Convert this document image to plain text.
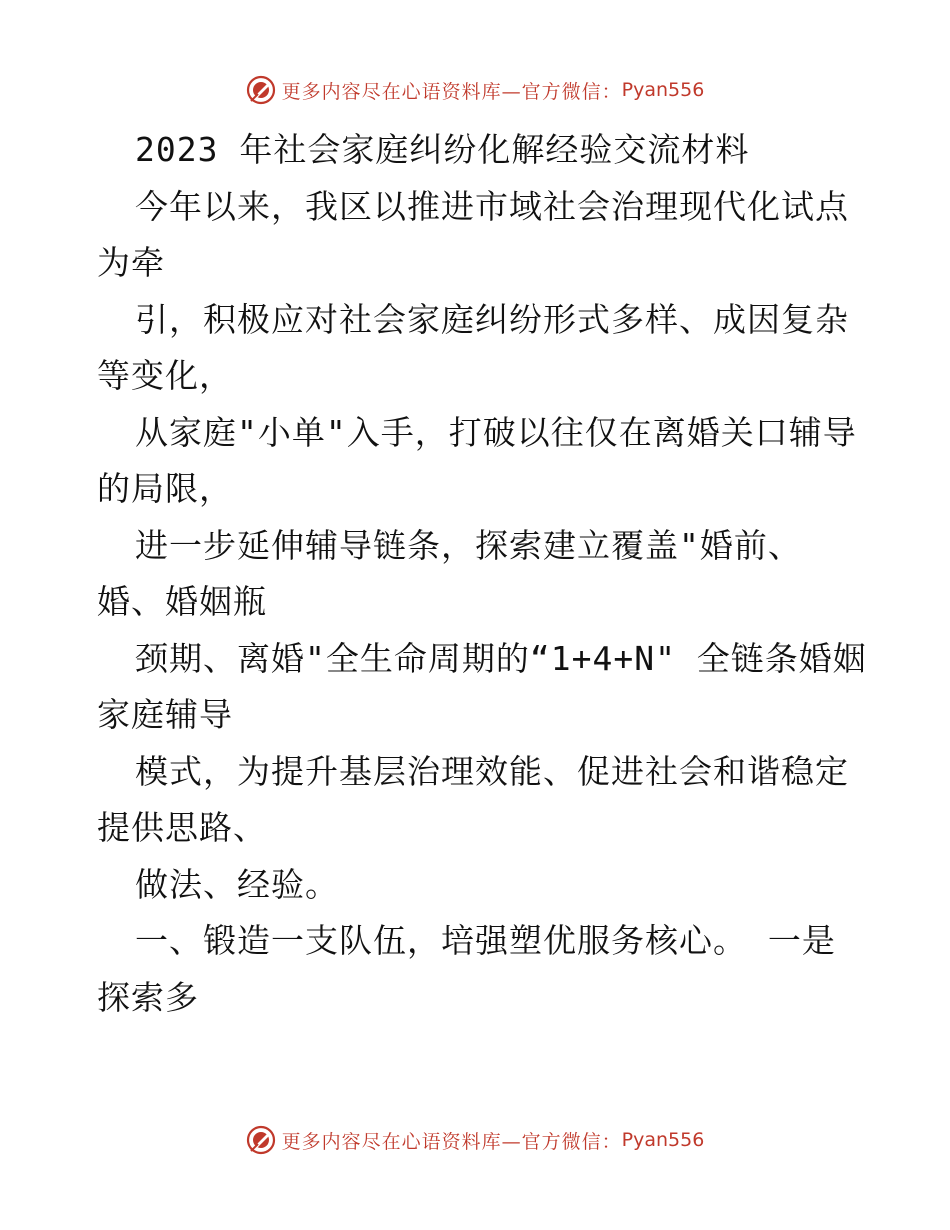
更多内容尽在心语资料库—官方微信： Pyan556
2023 年社会家庭纠纷化解经验交流材料
今年以来，我区以推进市域社会治理现代化试点
为牵
引，积极应对社会家庭纠纷形式多样、成因复杂
等变化，
从家庭"小单"入手，打破以往仅在离婚关口辅导
的局限，
进一步延伸辅导链条，探索建立覆盖"婚前、
婚、婚姻瓶
颈期、离婚"全生命周期的“1+4+N" 全链条婚姻
家庭辅导
模式，为提升基层治理效能、促进社会和谐稳定
提供思路、
做法、经验。
一、锻造一支队伍，培强塑优服务核心。 一是
探索多
更多内容尽在心语资料库—官方微信： Pyan556
